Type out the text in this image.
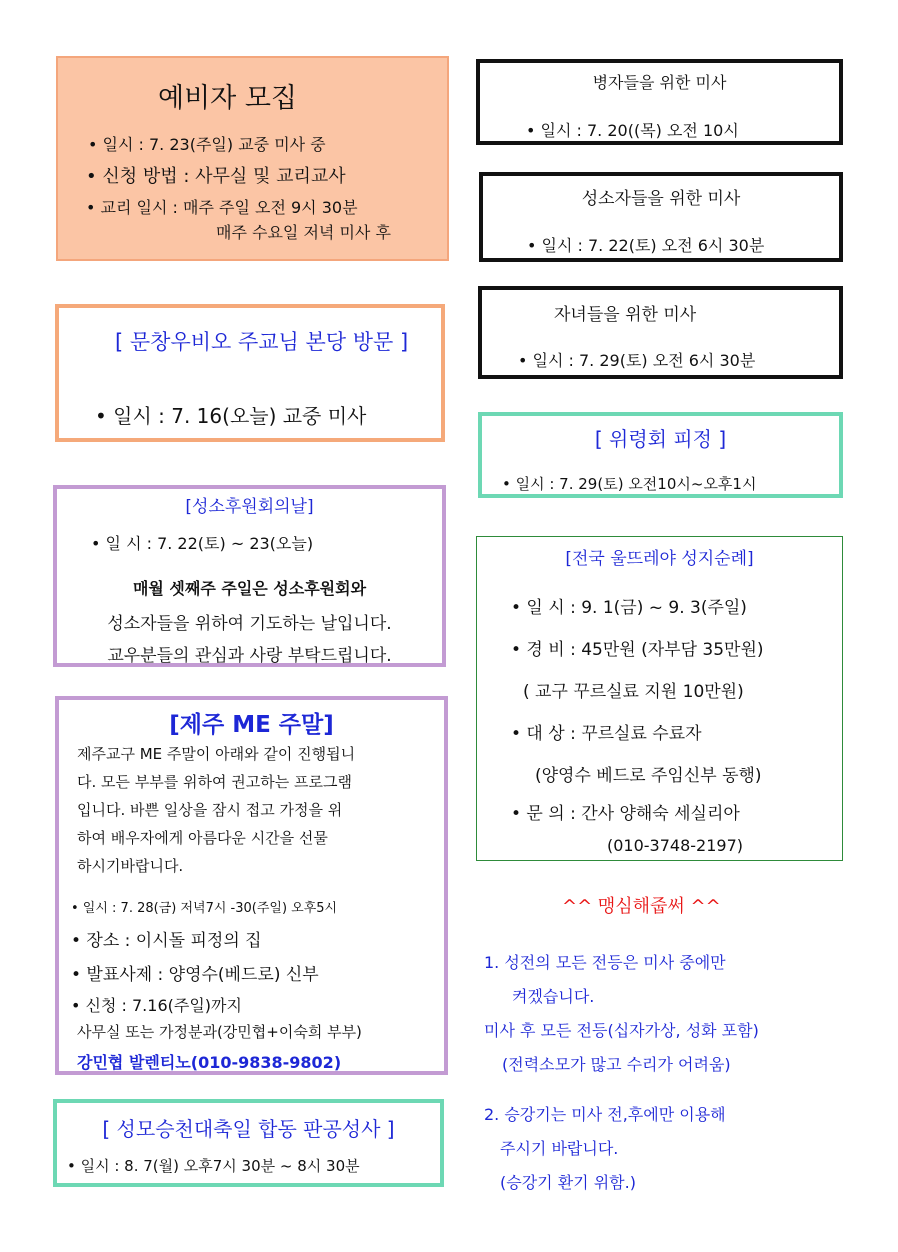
예비자 모집
• 일시 : 7. 23(주일) 교중 미사 중
• 신청 방법 : 사무실 및 교리교사
• 교리 일시 : 매주 주일 오전 9시 30분
매주 수요일 저녁 미사 후
[ 문창우비오 주교님 본당 방문 ]
• 일시 : 7. 16(오늘) 교중 미사
[성소후원회의날]
• 일 시 : 7. 22(토) ~ 23(오늘)
매월 셋째주 주일은 성소후원회와
성소자들을 위하여 기도하는 날입니다.
교우분들의 관심과 사랑 부탁드립니다.
[제주 ME 주말]
제주교구 ME 주말이 아래와 같이 진행됩니
다. 모든 부부를 위하여 권고하는 프로그램
입니다. 바쁜 일상을 잠시 접고 가정을 위
하여 배우자에게 아름다운 시간을 선물
하시기바랍니다.
• 일시 : 7. 28(금) 저녁7시 -30(주일) 오후5시
• 장소 : 이시돌 피정의 집
• 발표사제 : 양영수(베드로) 신부
• 신청 : 7.16(주일)까지
사무실 또는 가정분과(강민협+이숙희 부부)
강민협 발렌티노(010-9838-9802)
[ 성모승천대축일 합동 판공성사 ]
• 일시 : 8. 7(월) 오후7시 30분 ~ 8시 30분
병자들을 위한 미사
• 일시 : 7. 20((목) 오전 10시
성소자들을 위한 미사
• 일시 : 7. 22(토) 오전 6시 30분
자녀들을 위한 미사
• 일시 : 7. 29(토) 오전 6시 30분
[ 위령회 피정 ]
• 일시 : 7. 29(토) 오전10시~오후1시
[전국 울뜨레야 성지순례]
• 일 시 : 9. 1(금) ~ 9. 3(주일)
• 경 비 : 45만원 (자부담 35만원)
( 교구 꾸르실료 지원 10만원)
• 대 상 : 꾸르실료 수료자
(양영수 베드로 주임신부 동행)
• 문 의 : 간사 양해숙 세실리아
(010-3748-2197)
^^ 맹심해줍써 ^^
1. 성전의 모든 전등은 미사 중에만
켜겠습니다.
미사 후 모든 전등(십자가상, 성화 포함)
(전력소모가 많고 수리가 어려움)
2. 승강기는 미사 전,후에만 이용해
주시기 바랍니다.
(승강기 환기 위함.)
